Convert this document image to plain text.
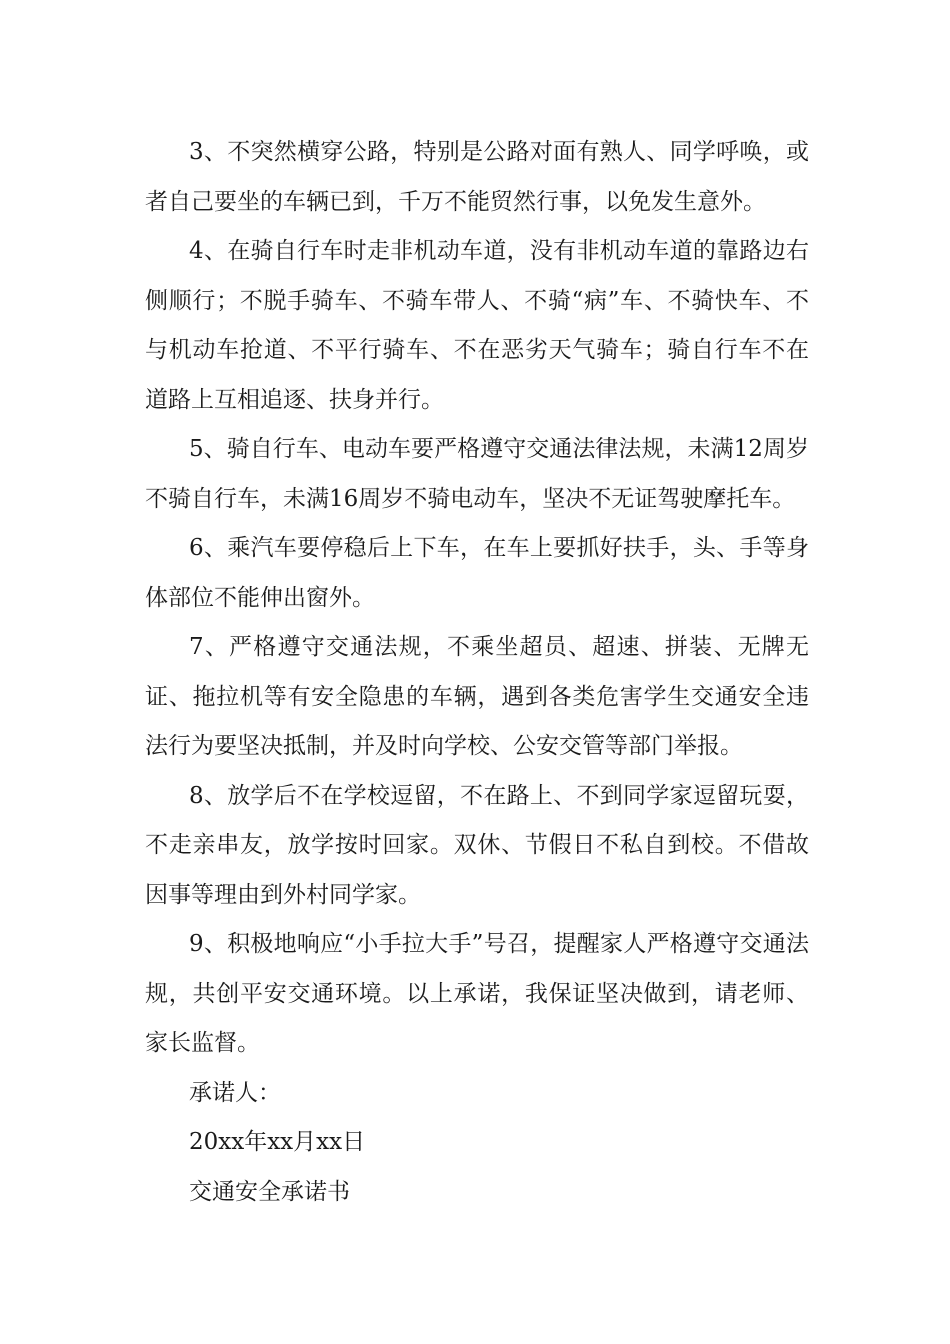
3、不突然横穿公路，特别是公路对面有熟人、同学呼唤，或者自己要坐的车辆已到，千万不能贸然行事，以免发生意外。

4、在骑自行车时走非机动车道，没有非机动车道的靠路边右侧顺行；不脱手骑车、不骑车带人、不骑“病”车、不骑快车、不与机动车抢道、不平行骑车、不在恶劣天气骑车；骑自行车不在道路上互相追逐、扶身并行。

5、骑自行车、电动车要严格遵守交通法律法规，未满12周岁不骑自行车，未满16周岁不骑电动车，坚决不无证驾驶摩托车。

6、乘汽车要停稳后上下车，在车上要抓好扶手，头、手等身体部位不能伸出窗外。

7、严格遵守交通法规，不乘坐超员、超速、拼装、无牌无证、拖拉机等有安全隐患的车辆，遇到各类危害学生交通安全违法行为要坚决抵制，并及时向学校、公安交管等部门举报。

8、放学后不在学校逗留，不在路上、不到同学家逗留玩耍，不走亲串友，放学按时回家。双休、节假日不私自到校。不借故因事等理由到外村同学家。

9、积极地响应“小手拉大手”号召，提醒家人严格遵守交通法规，共创平安交通环境。以上承诺，我保证坚决做到，请老师、家长监督。

承诺人：

20xx年xx月xx日

交通安全承诺书
